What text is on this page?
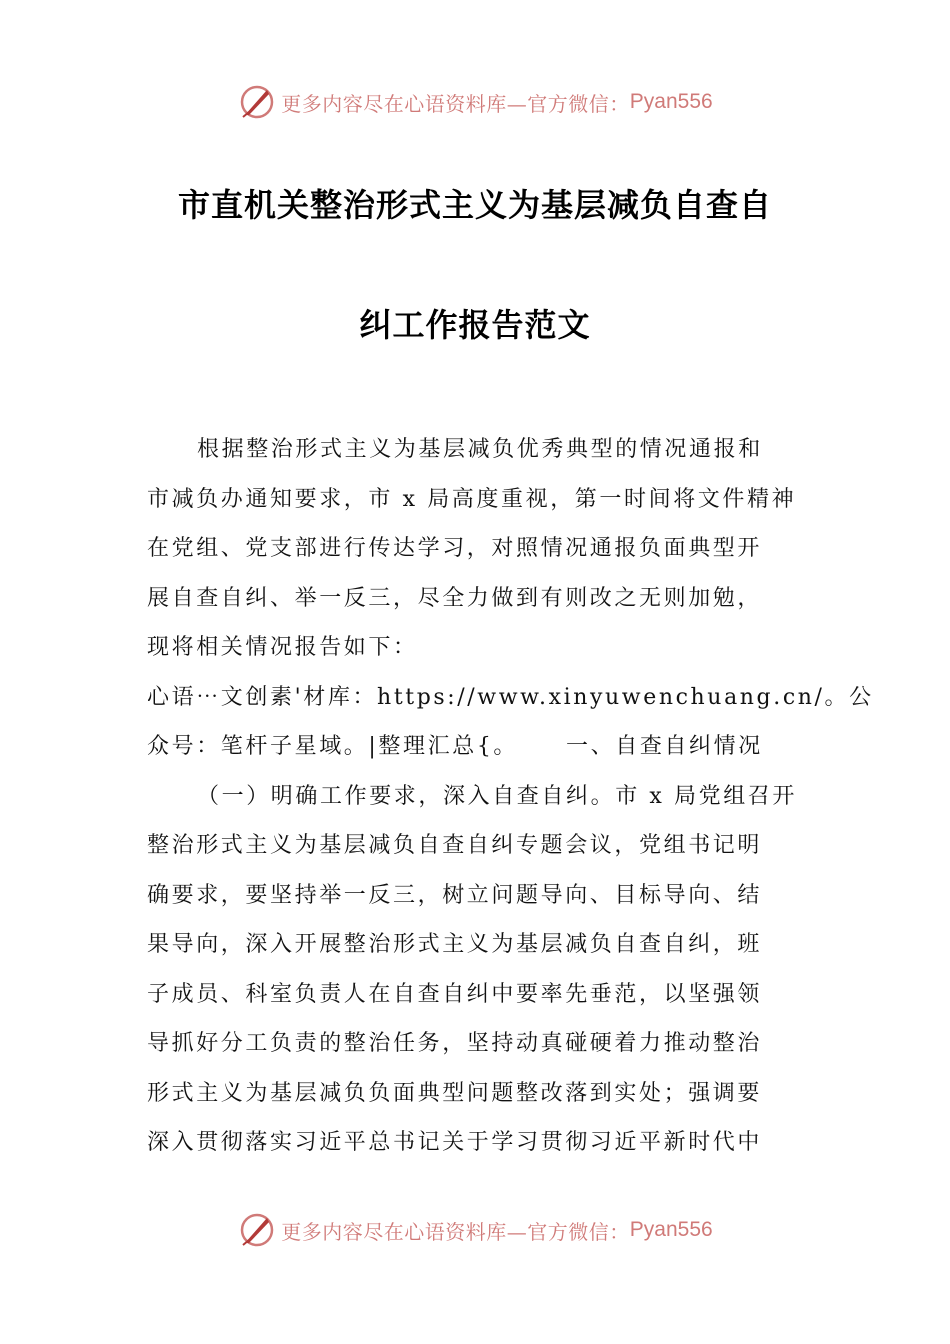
更多内容尽在心语资料库—官方微信： Pyan556
市直机关整治形式主义为基层减负自查自
纠工作报告范文
根据整治形式主义为基层减负优秀典型的情况通报和
市减负办通知要求，市 x 局高度重视，第一时间将文件精神
在党组、党支部进行传达学习，对照情况通报负面典型开
展自查自纠、举一反三，尽全力做到有则改之无则加勉，
现将相关情况报告如下：
心语⋯文创素'材库：https://www.xinyuwenchuang.cn/。公
众号：笔杆子星域。|整理汇总{。 一、自查自纠情况
（一）明确工作要求，深入自查自纠。市 x 局党组召开
整治形式主义为基层减负自查自纠专题会议，党组书记明
确要求，要坚持举一反三，树立问题导向、目标导向、结
果导向，深入开展整治形式主义为基层减负自查自纠，班
子成员、科室负责人在自查自纠中要率先垂范，以坚强领
导抓好分工负责的整治任务，坚持动真碰硬着力推动整治
形式主义为基层减负负面典型问题整改落到实处；强调要
深入贯彻落实习近平总书记关于学习贯彻习近平新时代中
更多内容尽在心语资料库—官方微信： Pyan556
